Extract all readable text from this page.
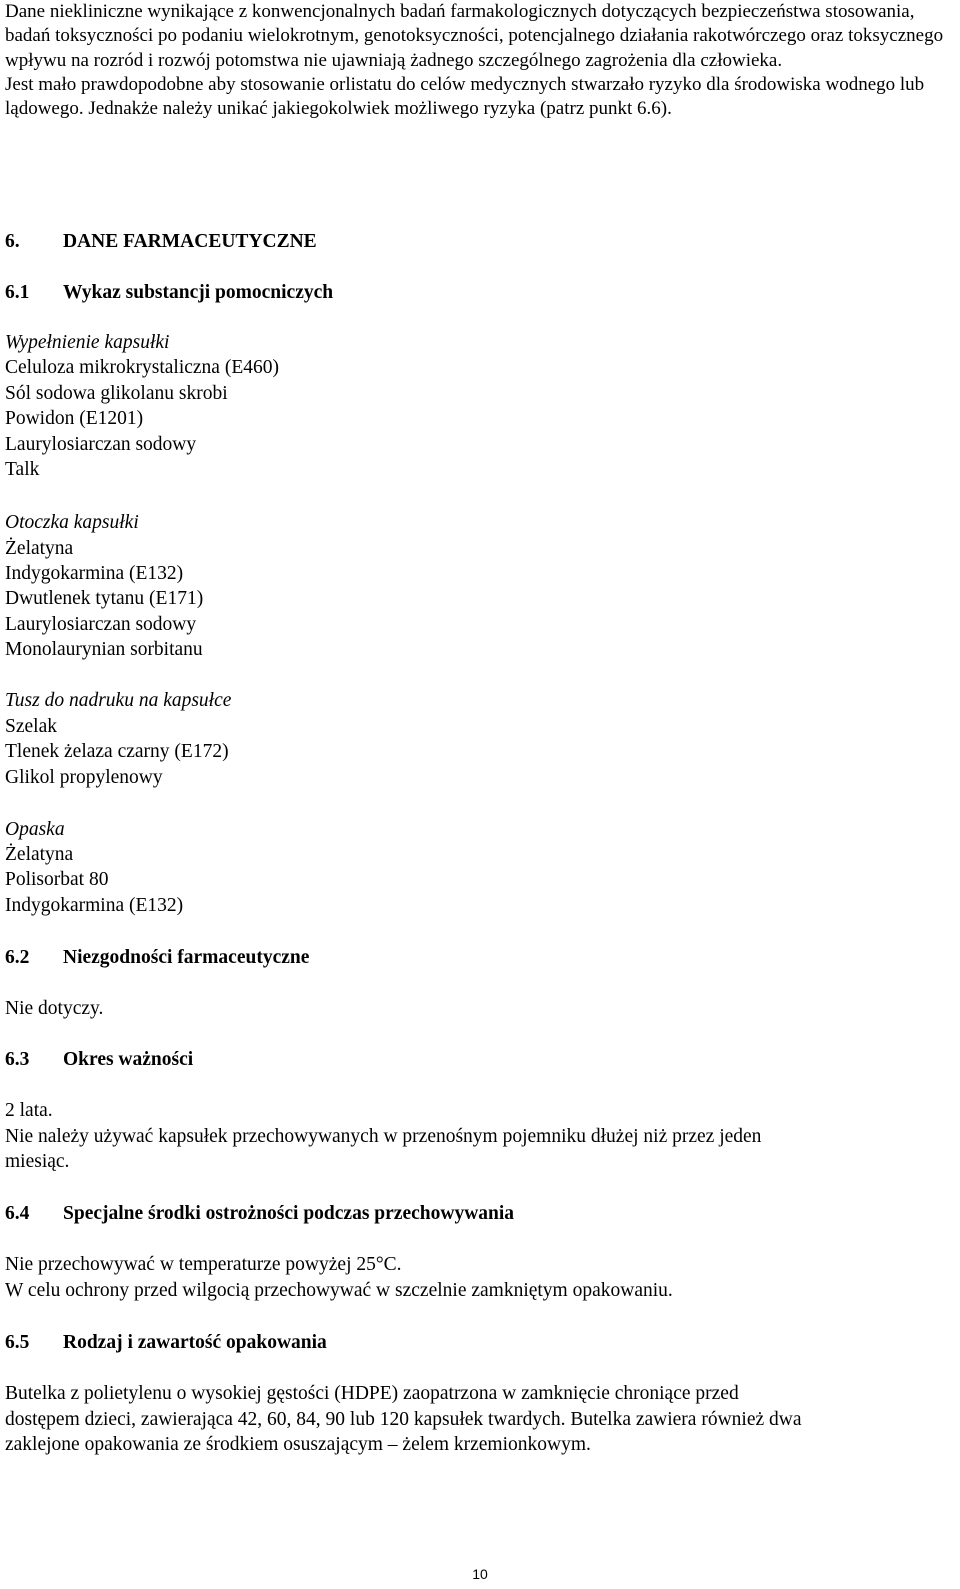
Dane niekliniczne wynikające z konwencjonalnych badań farmakologicznych dotyczących bezpieczeństwa stosowania, badań toksyczności po podaniu wielokrotnym, genotoksyczności, potencjalnego działania rakotwórczego oraz toksycznego wpływu na rozród i rozwój potomstwa nie ujawniają żadnego szczególnego zagrożenia dla człowieka.

Jest mało prawdopodobne aby stosowanie orlistatu do celów medycznych stwarzało ryzyko dla środowiska wodnego lub lądowego. Jednakże należy unikać jakiegokolwiek możliwego ryzyka (patrz punkt 6.6).

6. DANE FARMACEUTYCZNE
6.1 Wykaz substancji pomocniczych
Wypełnienie kapsułki
Celuloza mikrokrystaliczna (E460)
Sól sodowa glikolanu skrobi
Powidon (E1201)
Laurylosiarczan sodowy
Talk
Otoczka kapsułki
Żelatyna
Indygokarmina (E132)
Dwutlenek tytanu (E171)
Laurylosiarczan sodowy
Monolaurynian sorbitanu
Tusz do nadruku na kapsułce
Szelak
Tlenek żelaza czarny (E172)
Glikol propylenowy
Opaska
Żelatyna
Polisorbat 80
Indygokarmina (E132)
6.2 Niezgodności farmaceutyczne
Nie dotyczy.
6.3 Okres ważności
2 lata.
Nie należy używać kapsułek przechowywanych w przenośnym pojemniku dłużej niż przez jeden
miesiąc.
6.4 Specjalne środki ostrożności podczas przechowywania
Nie przechowywać w temperaturze powyżej 25°C.
W celu ochrony przed wilgocią przechowywać w szczelnie zamkniętym opakowaniu.
6.5 Rodzaj i zawartość opakowania
Butelka z polietylenu o wysokiej gęstości (HDPE) zaopatrzona w zamknięcie chroniące przed
dostępem dzieci, zawierająca 42, 60, 84, 90 lub 120 kapsułek twardych. Butelka zawiera również dwa
zaklejone opakowania ze środkiem osuszającym – żelem krzemionkowym.
10
